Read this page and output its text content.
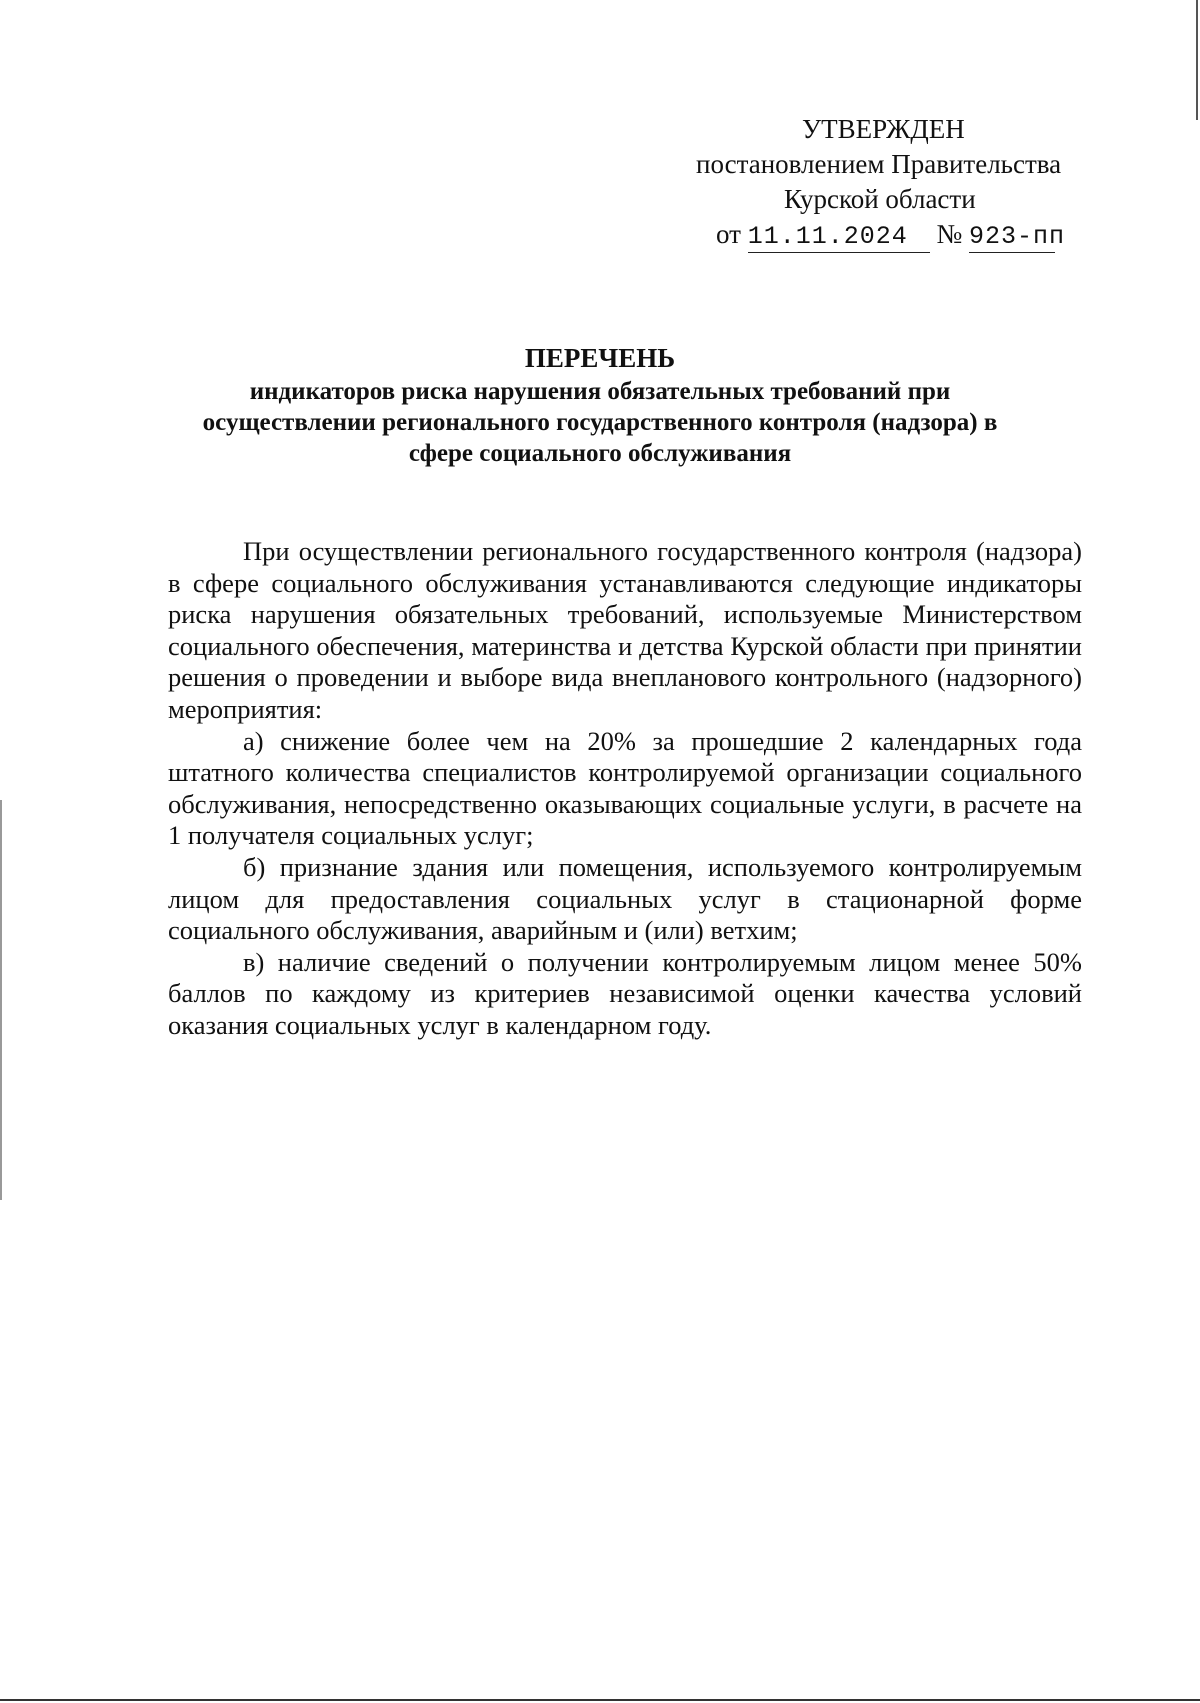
УТВЕРЖДЕН
постановлением Правительства
Курской области
от 11.11.2024 № 923-пп
ПЕРЕЧЕНЬ
индикаторов риска нарушения обязательных требований при
осуществлении регионального государственного контроля (надзора) в
сфере социального обслуживания

При осуществлении регионального государственного контроля (надзора) в сфере социального обслуживания устанавливаются следующие индикаторы риска нарушения обязательных требований, используемые Министерством социального обеспечения, материнства и детства Курской области при принятии решения о проведении и выборе вида внепланового контрольного (надзорного) мероприятия:

а) снижение более чем на 20% за прошедшие 2 календарных года штатного количества специалистов контролируемой организации социального обслуживания, непосредственно оказывающих социальные услуги, в расчете на 1 получателя социальных услуг;

б) признание здания или помещения, используемого контролируемым лицом для предоставления социальных услуг в стационарной форме социального обслуживания, аварийным и (или) ветхим;

в) наличие сведений о получении контролируемым лицом менее 50% баллов по каждому из критериев независимой оценки качества условий оказания социальных услуг в календарном году.
